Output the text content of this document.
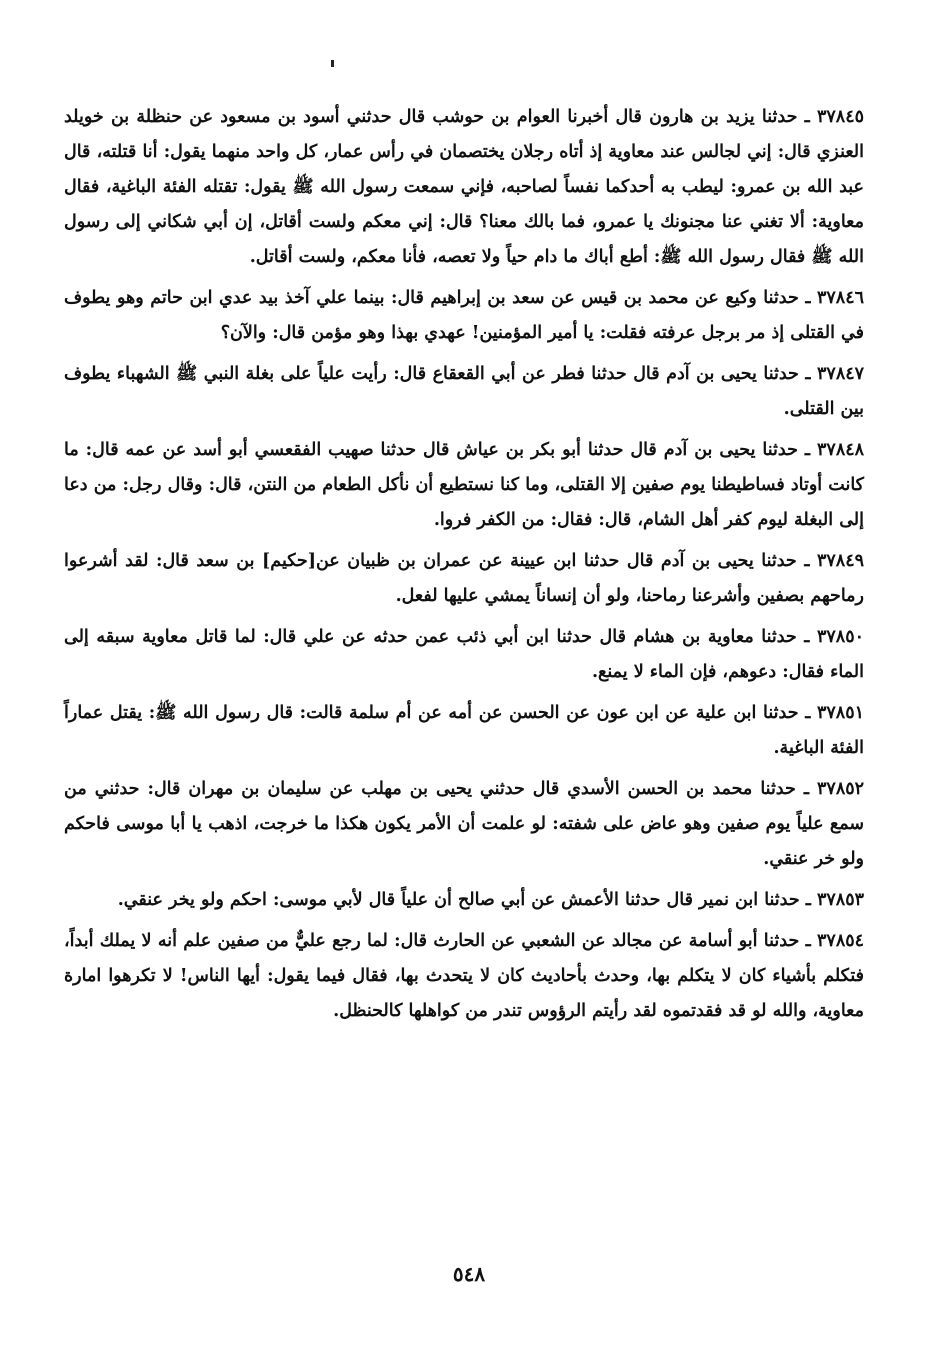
٣٧٨٤٥ ـ حدثنا يزيد بن هارون قال أخبرنا العوام بن حوشب قال حدثني أسود بن مسعود عن حنظلة بن خويلد العنزي قال: إني لجالس عند معاوية إذ أتاه رجلان يختصمان في رأس عمار، كل واحد منهما يقول: أنا قتلته، قال عبد الله بن عمرو: ليطب به أحدكما نفساً لصاحبه، فإني سمعت رسول الله ﷺ يقول: تقتله الفئة الباغية، فقال معاوية: ألا تغني عنا مجنونك يا عمرو، فما بالك معنا؟ قال: إني معكم ولست أقاتل، إن أبي شكاني إلى رسول الله ﷺ فقال رسول الله ﷺ: أطع أباك ما دام حياً ولا تعصه، فأنا معكم، ولست أقاتل.

٣٧٨٤٦ ـ حدثنا وكيع عن محمد بن قيس عن سعد بن إبراهيم قال: بينما علي آخذ بيد عدي ابن حاتم وهو يطوف في القتلى إذ مر برجل عرفته فقلت: يا أمير المؤمنين! عهدي بهذا وهو مؤمن قال: والآن؟

٣٧٨٤٧ ـ حدثنا يحيى بن آدم قال حدثنا فطر عن أبي القعقاع قال: رأيت علياً على بغلة النبي ﷺ الشهباء يطوف بين القتلى.

٣٧٨٤٨ ـ حدثنا يحيى بن آدم قال حدثنا أبو بكر بن عياش قال حدثنا صهيب الفقعسي أبو أسد عن عمه قال: ما كانت أوتاد فساطيطنا يوم صفين إلا القتلى، وما كنا نستطيع أن نأكل الطعام من النتن، قال: وقال رجل: من دعا إلى البغلة ليوم كفر أهل الشام، قال: فقال: من الكفر فروا.

٣٧٨٤٩ ـ حدثنا يحيى بن آدم قال حدثنا ابن عيينة عن عمران بن ظبيان عن[حكيم] بن سعد قال: لقد أشرعوا رماحهم بصفين وأشرعنا رماحنا، ولو أن إنساناً يمشي عليها لفعل.

٣٧٨٥٠ ـ حدثنا معاوية بن هشام قال حدثنا ابن أبي ذئب عمن حدثه عن علي قال: لما قاتل معاوية سبقه إلى الماء فقال: دعوهم، فإن الماء لا يمنع.

٣٧٨٥١ ـ حدثنا ابن علية عن ابن عون عن الحسن عن أمه عن أم سلمة قالت: قال رسول الله ﷺ: يقتل عماراً الفئة الباغية.

٣٧٨٥٢ ـ حدثنا محمد بن الحسن الأسدي قال حدثني يحيى بن مهلب عن سليمان بن مهران قال: حدثني من سمع علياً يوم صفين وهو عاض على شفته: لو علمت أن الأمر يكون هكذا ما خرجت، اذهب يا أبا موسى فاحكم ولو خر عنقي.

٣٧٨٥٣ ـ حدثنا ابن نمير قال حدثنا الأعمش عن أبي صالح أن علياً قال لأبي موسى: احكم ولو يخر عنقي.

٣٧٨٥٤ ـ حدثنا أبو أسامة عن مجالد عن الشعبي عن الحارث قال: لما رجع عليٌّ من صفين علم أنه لا يملك أبداً، فتكلم بأشياء كان لا يتكلم بها، وحدث بأحاديث كان لا يتحدث بها، فقال فيما يقول: أيها الناس! لا تكرهوا امارة معاوية، والله لو قد فقدتموه لقد رأيتم الرؤوس تندر من كواهلها كالحنظل.

٥٤٨
